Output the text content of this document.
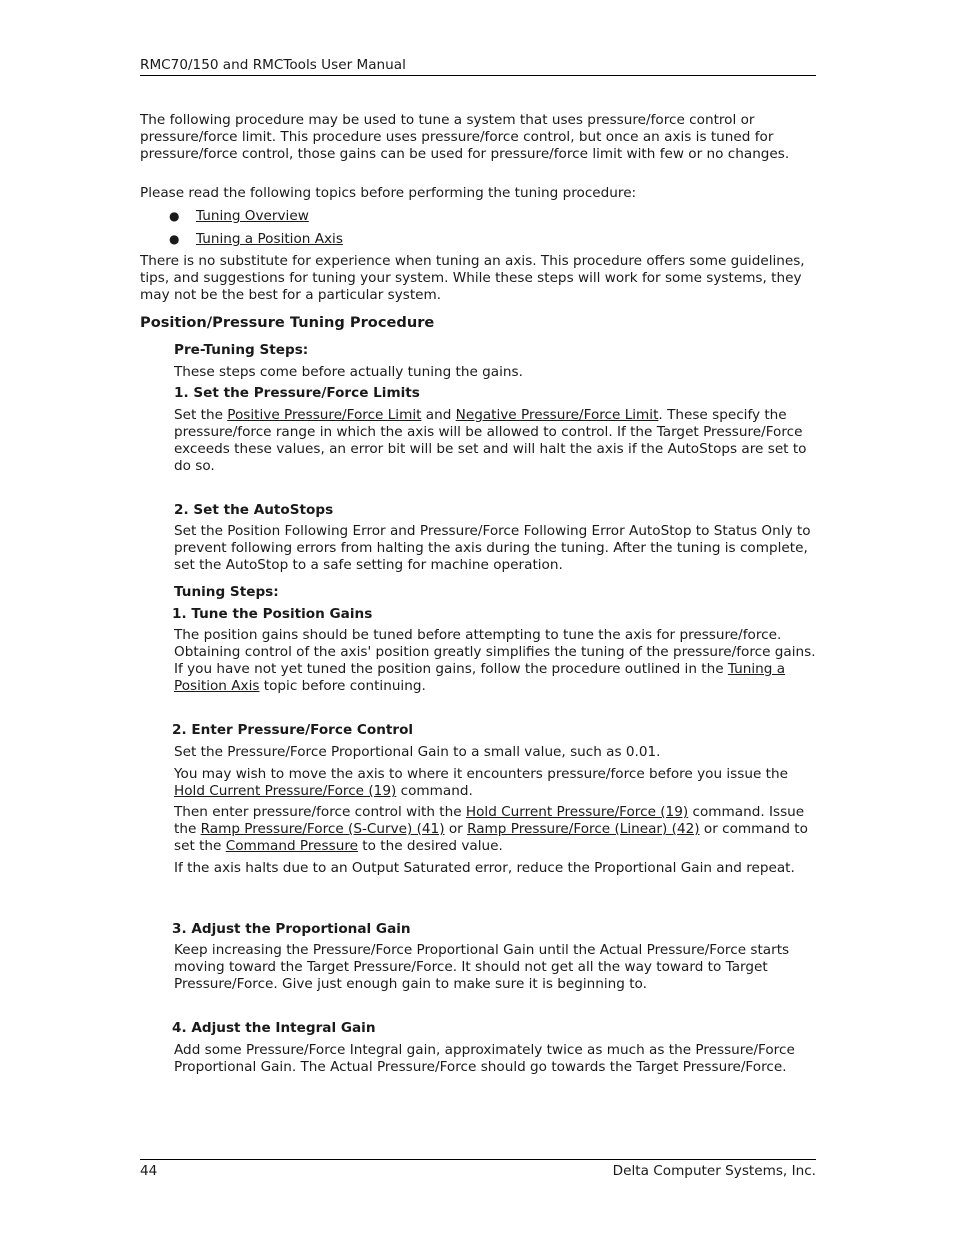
RMC70/150 and RMCTools User Manual

The following procedure may be used to tune a system that uses pressure/force control or pressure/force limit. This procedure uses pressure/force control, but once an axis is tuned for pressure/force control, those gains can be used for pressure/force limit with few or no changes.

Please read the following topics before performing the tuning procedure:

● Tuning Overview
● Tuning a Position Axis

There is no substitute for experience when tuning an axis. This procedure offers some guidelines, tips, and suggestions for tuning your system. While these steps will work for some systems, they may not be the best for a particular system.

Position/Pressure Tuning Procedure

Pre-Tuning Steps:

These steps come before actually tuning the gains.

1. Set the Pressure/Force Limits

Set the Positive Pressure/Force Limit and Negative Pressure/Force Limit. These specify the pressure/force range in which the axis will be allowed to control. If the Target Pressure/Force exceeds these values, an error bit will be set and will halt the axis if the AutoStops are set to do so.

2. Set the AutoStops

Set the Position Following Error and Pressure/Force Following Error AutoStop to Status Only to prevent following errors from halting the axis during the tuning. After the tuning is complete, set the AutoStop to a safe setting for machine operation.

Tuning Steps:

1. Tune the Position Gains

The position gains should be tuned before attempting to tune the axis for pressure/force. Obtaining control of the axis' position greatly simplifies the tuning of the pressure/force gains. If you have not yet tuned the position gains, follow the procedure outlined in the Tuning a Position Axis topic before continuing.

2. Enter Pressure/Force Control

Set the Pressure/Force Proportional Gain to a small value, such as 0.01.

You may wish to move the axis to where it encounters pressure/force before you issue the Hold Current Pressure/Force (19) command.

Then enter pressure/force control with the Hold Current Pressure/Force (19) command. Issue the Ramp Pressure/Force (S-Curve) (41) or Ramp Pressure/Force (Linear) (42) or command to set the Command Pressure to the desired value.

If the axis halts due to an Output Saturated error, reduce the Proportional Gain and repeat.

3. Adjust the Proportional Gain

Keep increasing the Pressure/Force Proportional Gain until the Actual Pressure/Force starts moving toward the Target Pressure/Force. It should not get all the way toward to Target Pressure/Force. Give just enough gain to make sure it is beginning to.

4. Adjust the Integral Gain

Add some Pressure/Force Integral gain, approximately twice as much as the Pressure/Force Proportional Gain. The Actual Pressure/Force should go towards the Target Pressure/Force.

44	Delta Computer Systems, Inc.
